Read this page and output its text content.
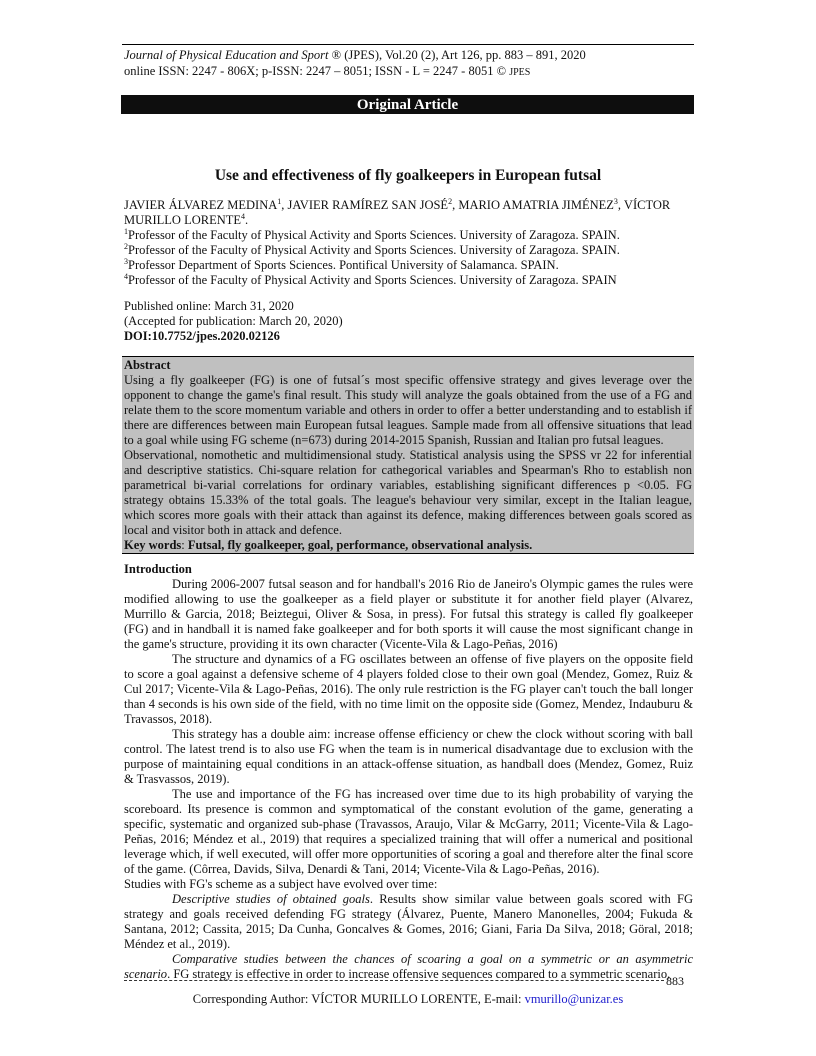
Journal of Physical Education and Sport ® (JPES), Vol.20 (2), Art 126, pp. 883 – 891, 2020
online ISSN: 2247 - 806X; p-ISSN: 2247 – 8051; ISSN - L = 2247 - 8051 © JPES
Original Article
Use and effectiveness of fly goalkeepers in European futsal
JAVIER ÁLVAREZ MEDINA$^1$, JAVIER RAMÍREZ SAN JOSÉ$^2$, MARIO AMATRIA JIMÉNEZ$^3$, VÍCTOR MURILLO LORENTE$^4$.
$^1$Professor of the Faculty of Physical Activity and Sports Sciences. University of Zaragoza. SPAIN.
$^2$Professor of the Faculty of Physical Activity and Sports Sciences. University of Zaragoza. SPAIN.
$^3$Professor Department of Sports Sciences. Pontifical University of Salamanca. SPAIN.
$^4$Professor of the Faculty of Physical Activity and Sports Sciences. University of Zaragoza. SPAIN
Published online: March 31, 2020
(Accepted for publication: March 20, 2020)
DOI:10.7752/jpes.2020.02126
Abstract

Using a fly goalkeeper (FG) is one of futsal´s most specific offensive strategy and gives leverage over the opponent to change the game's final result. This study will analyze the goals obtained from the use of a FG and relate them to the score momentum variable and others in order to offer a better understanding and to establish if there are differences between main European futsal leagues. Sample made from all offensive situations that lead to a goal while using FG scheme (n=673) during 2014-2015 Spanish, Russian and Italian pro futsal leagues.

Observational, nomothetic and multidimensional study. Statistical analysis using the SPSS vr 22 for inferential and descriptive statistics. Chi-square relation for cathegorical variables and Spearman's Rho to establish non parametrical bi-varial correlations for ordinary variables, establishing significant differences p <0.05. FG strategy obtains 15.33% of the total goals. The league's behaviour very similar, except in the Italian league, which scores more goals with their attack than against its defence, making differences between goals scored as local and visitor both in attack and defence.

Key words: Futsal, fly goalkeeper, goal, performance, observational analysis.
Introduction

During 2006-2007 futsal season and for handball's 2016 Rio de Janeiro's Olympic games the rules were modified allowing to use the goalkeeper as a field player or substitute it for another field player (Alvarez, Murrillo & Garcia, 2018; Beiztegui, Oliver & Sosa, in press). For futsal this strategy is called fly goalkeeper (FG) and in handball it is named fake goalkeeper and for both sports it will cause the most significant change in the game's structure, providing it its own character (Vicente-Vila & Lago-Peñas, 2016)

The structure and dynamics of a FG oscillates between an offense of five players on the opposite field to score a goal against a defensive scheme of 4 players folded close to their own goal (Mendez, Gomez, Ruiz & Cul 2017; Vicente-Vila & Lago-Peñas, 2016). The only rule restriction is the FG player can't touch the ball longer than 4 seconds is his own side of the field, with no time limit on the opposite side (Gomez, Mendez, Indauburu & Travassos, 2018).

This strategy has a double aim: increase offense efficiency or chew the clock without scoring with ball control. The latest trend is to also use FG when the team is in numerical disadvantage due to exclusion with the purpose of maintaining equal conditions in an attack-offense situation, as handball does (Mendez, Gomez, Ruiz & Trasvassos, 2019).

The use and importance of the FG has increased over time due to its high probability of varying the scoreboard. Its presence is common and symptomatical of the constant evolution of the game, generating a specific, systematic and organized sub-phase (Travassos, Araujo, Vilar & McGarry, 2011; Vicente-Vila & Lago-Peñas, 2016; Méndez et al., 2019) that requires a specialized training that will offer a numerical and positional leverage which, if well executed, will offer more opportunities of scoring a goal and therefore alter the final score of the game. (Côrrea, Davids, Silva, Denardi & Tani, 2014; Vicente-Vila & Lago-Peñas, 2016).

Studies with FG's scheme as a subject have evolved over time:

Descriptive studies of obtained goals. Results show similar value between goals scored with FG strategy and goals received defending FG strategy (Álvarez, Puente, Manero Manonelles, 2004; Fukuda & Santana, 2012; Cassita, 2015; Da Cunha, Goncalves & Gomes, 2016; Giani, Faria Da Silva, 2018; Göral, 2018; Méndez et al., 2019).

Comparative studies between the chances of scoaring a goal on a symmetric or an asymmetric scenario. FG strategy is effective in order to increase offensive sequences compared to a symmetric scenario,

883
Corresponding Author: VÍCTOR MURILLO LORENTE, E-mail: vmurillo@unizar.es
